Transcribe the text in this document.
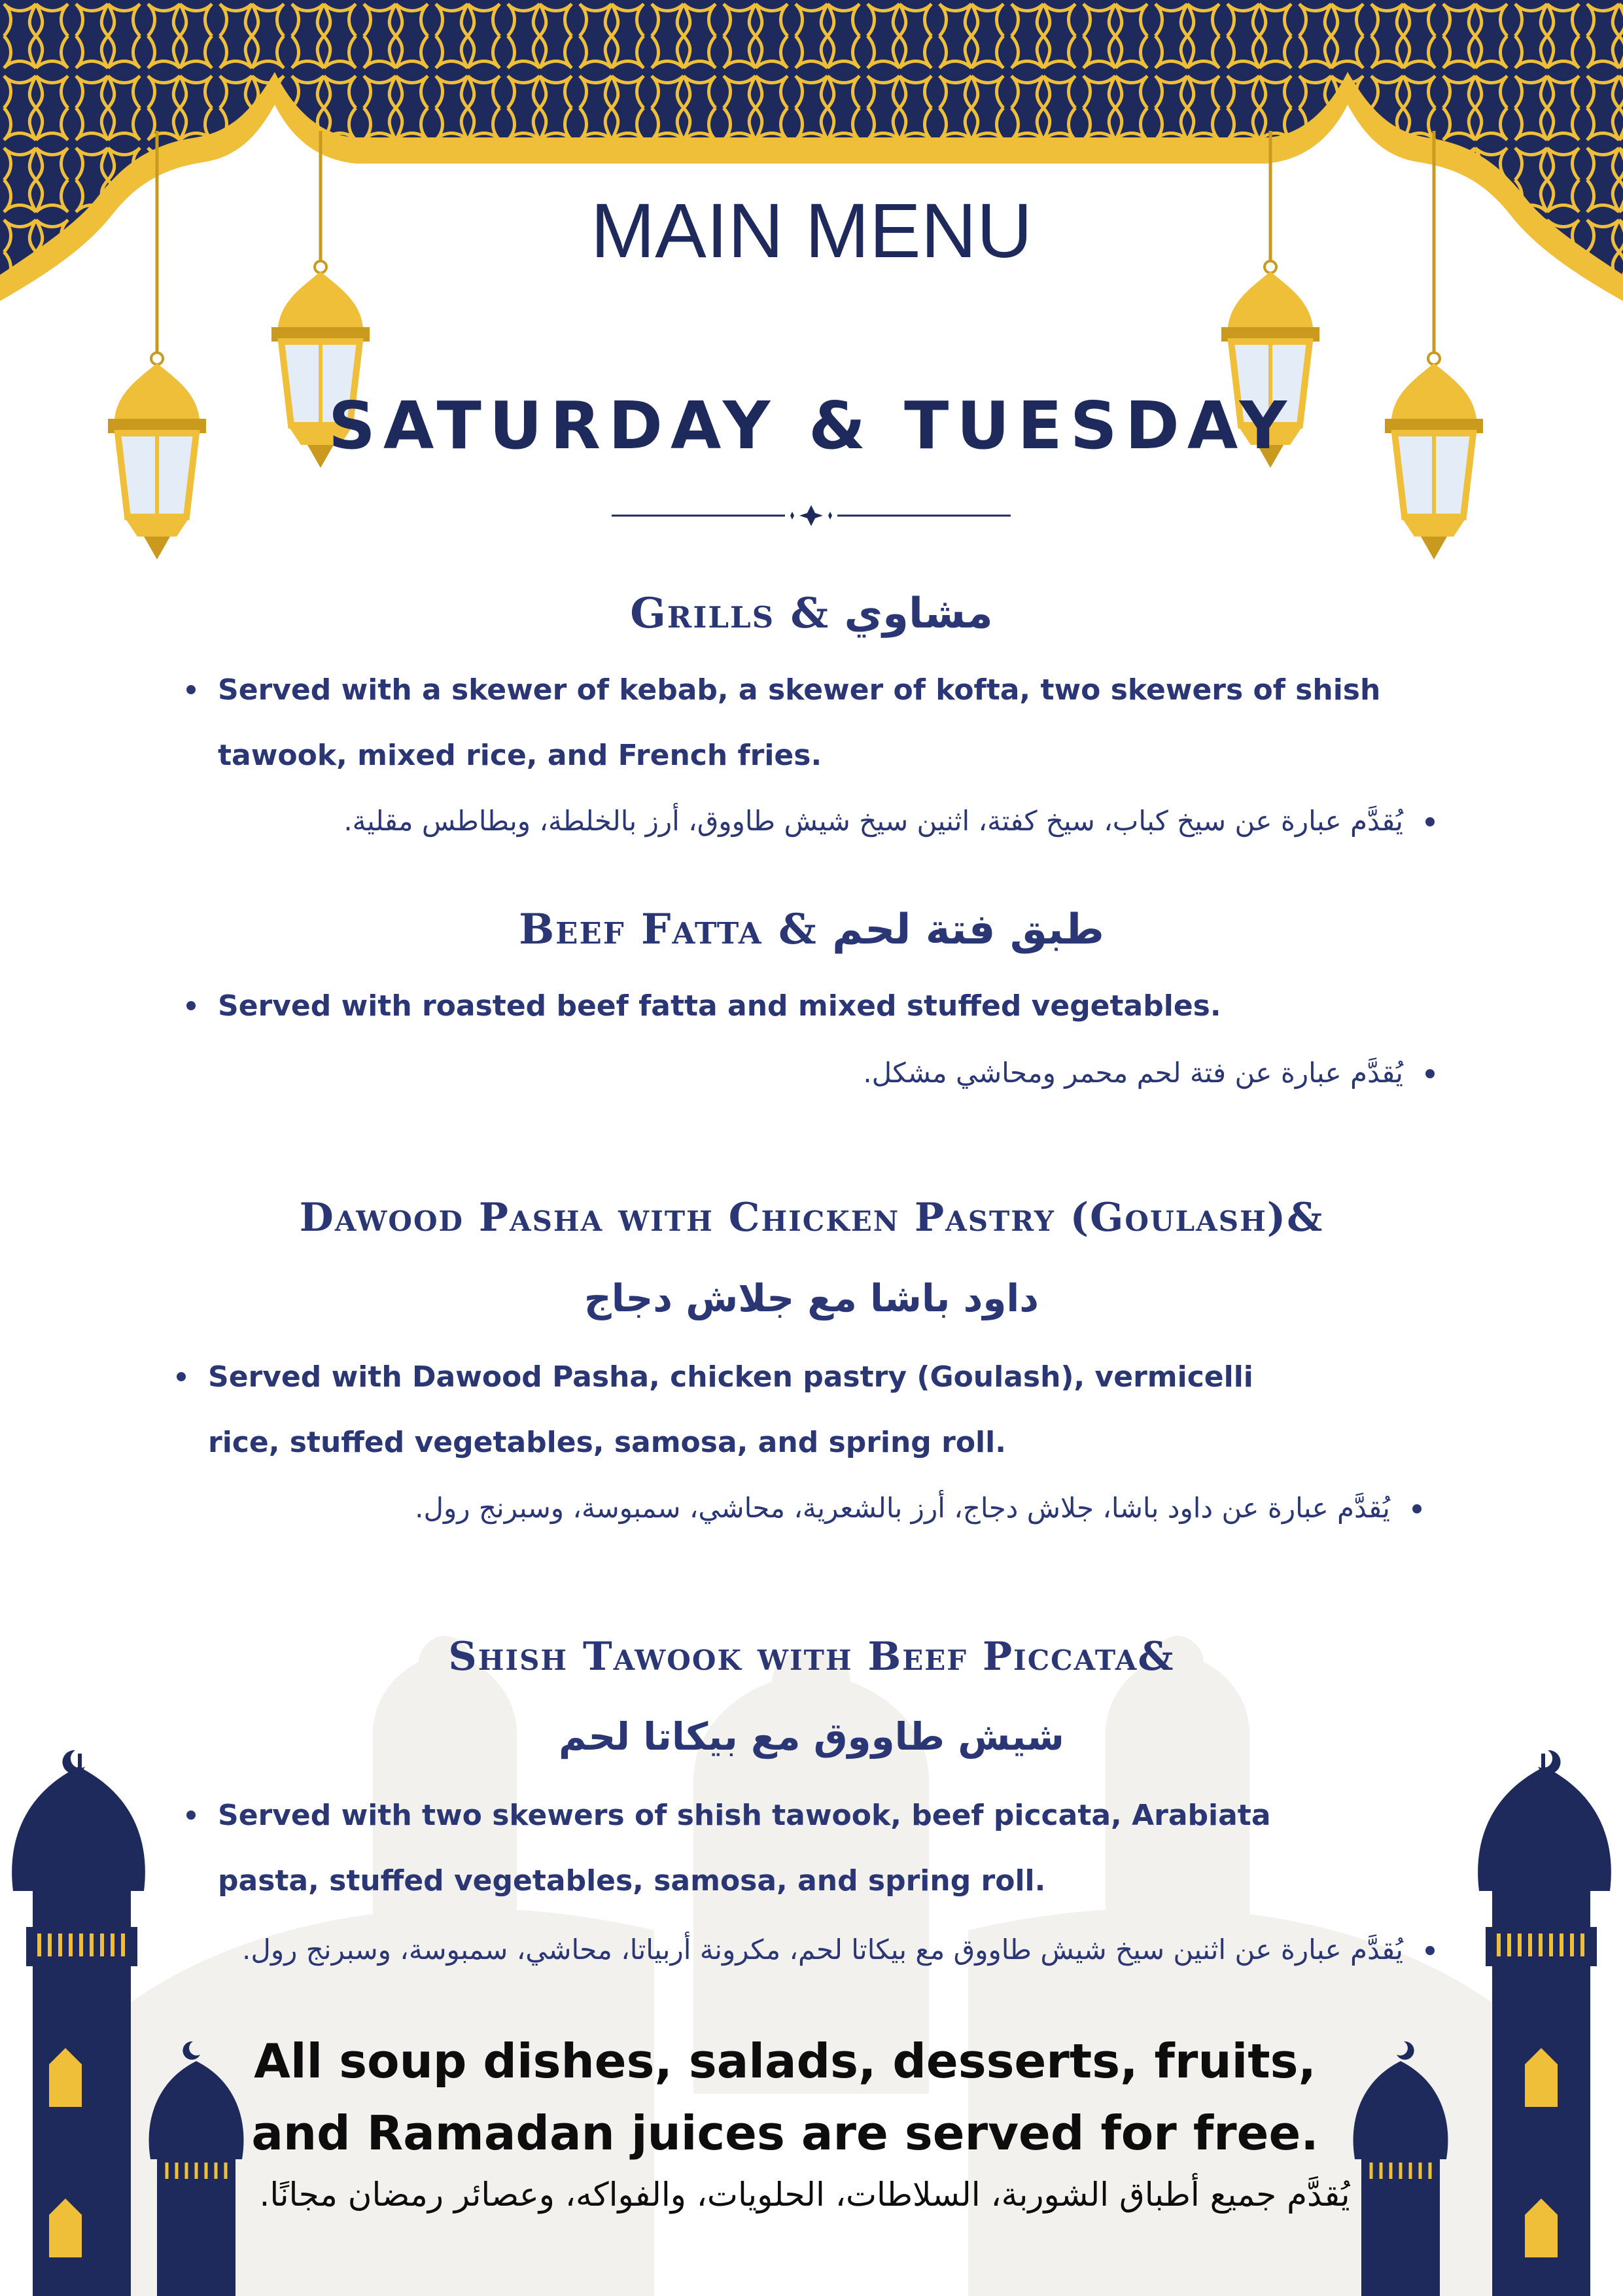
MAIN MENU
SATURDAY & TUESDAY
Grills & مشاوي
Served with a skewer of kebab, a skewer of kofta, two skewers of shish tawook, mixed rice, and French fries.
يُقدَّم عبارة عن سيخ كباب، سيخ كفتة، اثنين سيخ شيش طاووق، أرز بالخلطة، وبطاطس مقلية.
Beef Fatta & طبق فتة لحم
Served with roasted beef fatta and mixed stuffed vegetables.
يُقدَّم عبارة عن فتة لحم محمر ومحاشي مشكل.
Dawood Pasha with Chicken Pastry (Goulash)&
داود باشا مع جلاش دجاج
Served with Dawood Pasha, chicken pastry (Goulash), vermicelli rice, stuffed vegetables, samosa, and spring roll.
يُقدَّم عبارة عن داود باشا، جلاش دجاج، أرز بالشعرية، محاشي، سمبوسة، وسبرنج رول.
Shish Tawook with Beef Piccata&
شيش طاووق مع بيكاتا لحم
Served with two skewers of shish tawook, beef piccata, Arabiata pasta, stuffed vegetables, samosa, and spring roll.
يُقدَّم عبارة عن اثنين سيخ شيش طاووق مع بيكاتا لحم، مكرونة أربياتا، محاشي، سمبوسة، وسبرنج رول.
All soup dishes, salads, desserts, fruits, and Ramadan juices are served for free.
يُقدَّم جميع أطباق الشوربة، السلاطات، الحلويات، والفواكه، وعصائر رمضان مجانًا.
